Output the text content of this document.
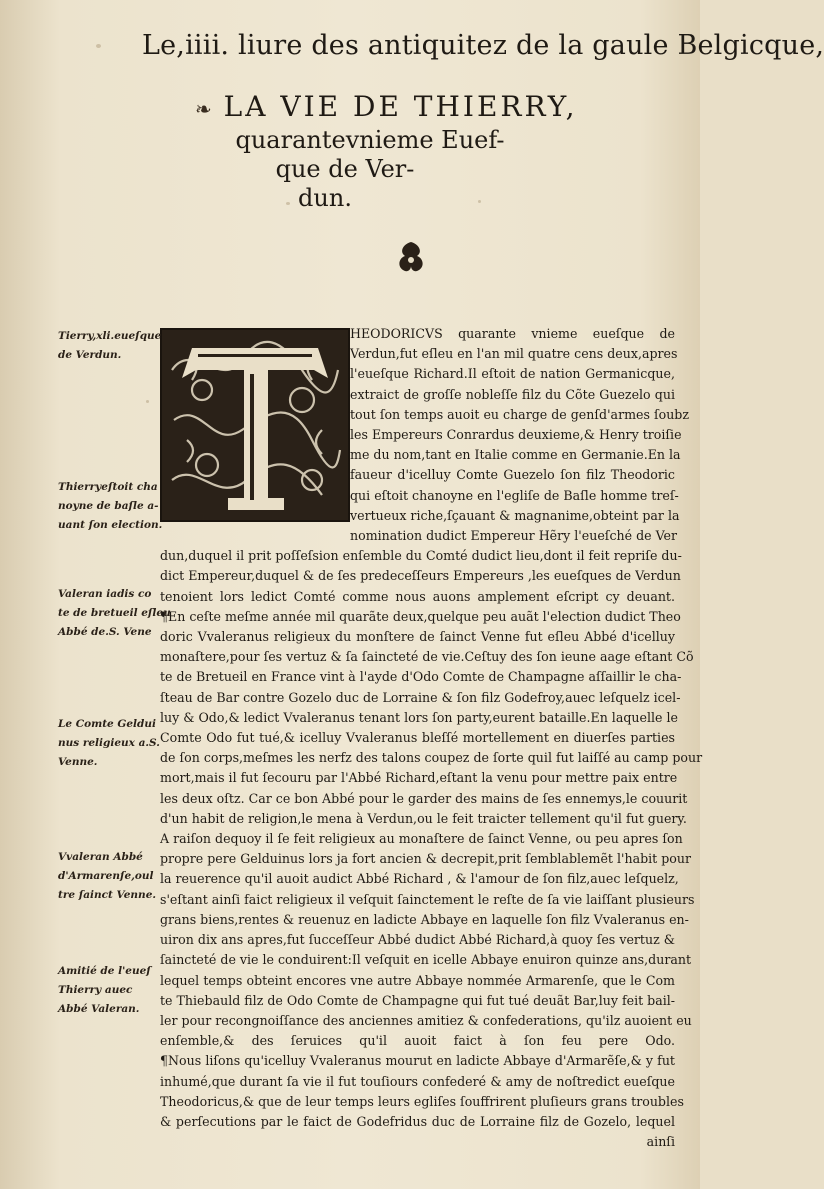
Le,iiii. liure des antiquitez de la gaule Belgicque,
❧ LA VIE DE THIERRY,
quarantevnieme Euef-
que de Ver-
dun.
HEODORICVS quarante vnieme eueſque de
Verdun,fut eſleu en l'an mil quatre cens deux,apres
l'eueſque Richard.Il eſtoit de nation Germanicque,
extraict de groſſe nobleſſe filz du Cõte Guezelo qui
tout ſon temps auoit eu charge de genſd'armes ſoubz
les Empereurs Conrardus deuxieme,& Henry troiſie
me du nom,tant en Italie comme en Germanie.En la
faueur d'icelluy Comte Guezelo ſon filz Theodoric
qui eſtoit chanoyne en l'egliſe de Baſle homme treſ-
vertueux riche,ſçauant & magnanime,obteint par la
nomination dudict Empereur Hẽry l'eueſché de Ver
dun,duquel il prit poſſeſsion enſemble du Comté dudict lieu,dont il feit repriſe du-
dict Empereur,duquel & de ſes predeceſſeurs Empereurs ,les eueſques de Verdun
tenoient lors ledict Comté comme nous auons amplement eſcript cy deuant.
¶En ceſte meſme année mil quarãte deux,quelque peu auãt l'election dudict Theo
doric Vvaleranus religieux du monſtere de ſainct Venne fut eſleu Abbé d'icelluy
monaſtere,pour ſes vertuz & ſa ſaincteté de vie.Ceſtuy des ſon ieune aage eſtant Cõ
te de Bretueil en France vint à l'ayde d'Odo Comte de Champagne aſſaillir le cha-
ſteau de Bar contre Gozelo duc de Lorraine & ſon filz Godefroy,auec leſquelz icel-
luy & Odo,& ledict Vvaleranus tenant lors ſon party,eurent bataille.En laquelle le
Comte Odo fut tué,& icelluy Vvaleranus bleſſé mortellement en diuerſes parties
de ſon corps,meſmes les nerfz des talons coupez de ſorte quil fut laiſſé au camp pour
mort,mais il fut ſecouru par l'Abbé Richard,eſtant la venu pour mettre paix entre
les deux oſtz. Car ce bon Abbé pour le garder des mains de ſes ennemys,le couurit
d'un habit de religion,le mena à Verdun,ou le feit traicter tellement qu'il fut guery.
A raiſon dequoy il ſe feit religieux au monaſtere de ſainct Venne, ou peu apres ſon
propre pere Gelduinus lors ja fort ancien & decrepit,prit ſemblablemẽt l'habit pour
la reuerence qu'il auoit audict Abbé Richard , & l'amour de ſon filz,auec leſquelz,
s'eſtant ainſi faict religieux il veſquit ſainctement le reſte de ſa vie laiſſant plusieurs
grans biens,rentes & reuenuz en ladicte Abbaye en laquelle ſon filz Vvaleranus en-
uiron dix ans apres,fut ſucceſſeur Abbé dudict Abbé Richard,à quoy ſes vertuz &
ſaincteté de vie le conduirent:Il veſquit en icelle Abbaye enuiron quinze ans,durant
lequel temps obteint encores vne autre Abbaye nommée Armarenſe, que le Com
te Thiebauld filz de Odo Comte de Champagne qui fut tué deuãt Bar,luy feit bail-
ler pour recongnoiſſance des anciennes amitiez & confederations, qu'ilz auoient eu
enſemble,& des ſeruices qu'il auoit faict à ſon feu pere Odo.
¶Nous liſons qu'icelluy Vvaleranus mourut en ladicte Abbaye d'Armarẽſe,& y fut
inhumé,que durant ſa vie il fut touſiours confederé & amy de noſtredict eueſque
Theodoricus,& que de leur temps leurs egliſes ſouffrirent pluſieurs grans troubles
& perſecutions par le faict de Godefridus duc de Lorraine filz de Gozelo, lequel
ainſi
Tierry,xli.eueſque
de Verdun.
Thierryeſtoit cha
noyne de baſle a-
uant ſon election.
Valeran iadis co
te de bretueil eſleu
Abbé de.S. Vene
Le Comte Geldui
nus religieux a.S.
Venne.
Vvaleran Abbé
d'Armarenſe,oul
tre ſainct Venne.
Amitié de l'eueſ
Thierry auec
Abbé Valeran.
